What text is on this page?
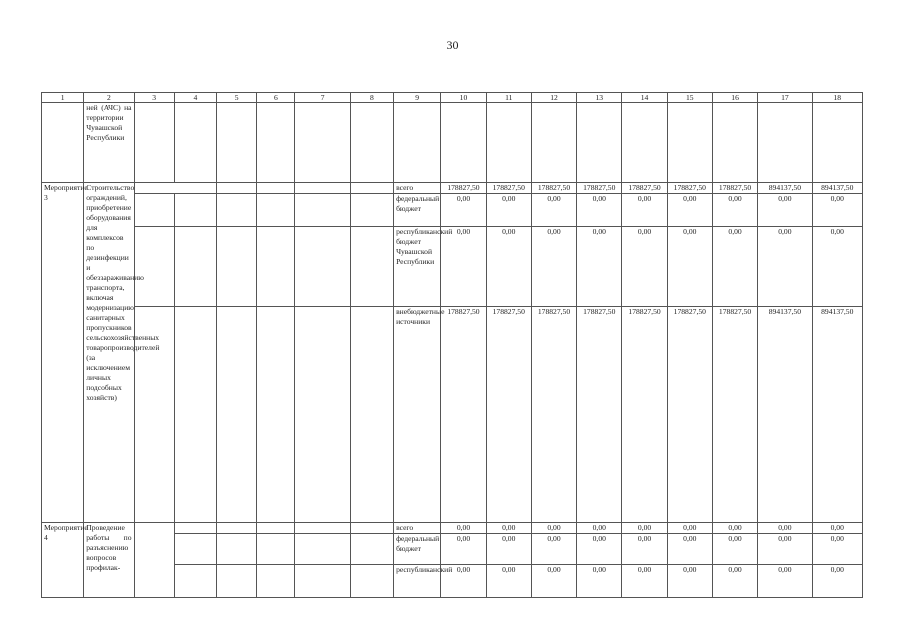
30
1	2	3	4	5	6	7	8	9	10	11	12	13	14	15	16	17	18
	ней (АЧС) на территории Чувашской Республики																
Мероприятие 3	Строительство ограждений, приобретение оборудования для комплексов по дезинфекции и обеззараживанию транспорта, включая модернизацию санитарных пропускников сельскохозяйственных товаропроизводителей (за исключением личных подсобных хозяйств)							всего	178827,50	178827,50	178827,50	178827,50	178827,50	178827,50	178827,50	894137,50	894137,50
								федеральный бюджет	0,00	0,00	0,00	0,00	0,00	0,00	0,00	0,00	0,00
								республиканский бюджет Чувашской Республики	0,00	0,00	0,00	0,00	0,00	0,00	0,00	0,00	0,00
								внебюджетные источники	178827,50	178827,50	178827,50	178827,50	178827,50	178827,50	178827,50	894137,50	894137,50
Мероприятие 4	Проведение работы по разъяснению вопросов профилак-							всего	0,00	0,00	0,00	0,00	0,00	0,00	0,00	0,00	0,00
								федеральный бюджет	0,00	0,00	0,00	0,00	0,00	0,00	0,00	0,00	0,00
								республиканский	0,00	0,00	0,00	0,00	0,00	0,00	0,00	0,00	0,00
